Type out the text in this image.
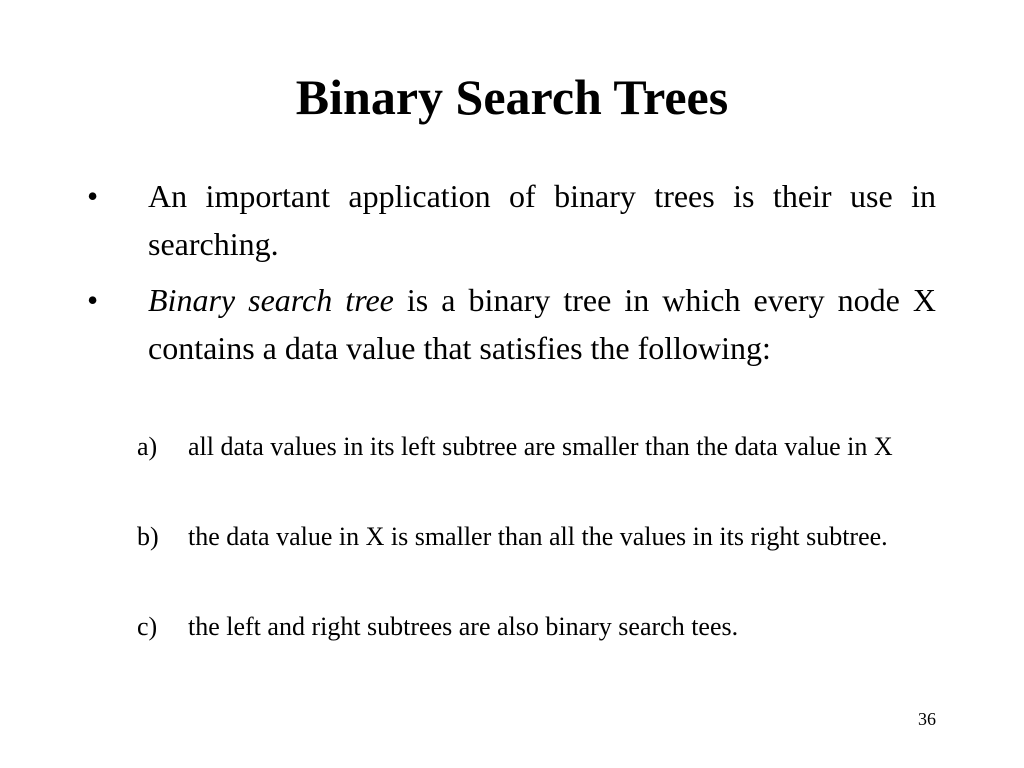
Binary Search Trees
• An important application of binary trees is their use in searching.
• Binary search tree is a binary tree in which every node X contains a data value that satisfies the following:
a) all data values in its left subtree are smaller than the data value in X
b) the data value in X is smaller than all the values in its right subtree.
c) the left and right subtrees are also binary search tees.
36
